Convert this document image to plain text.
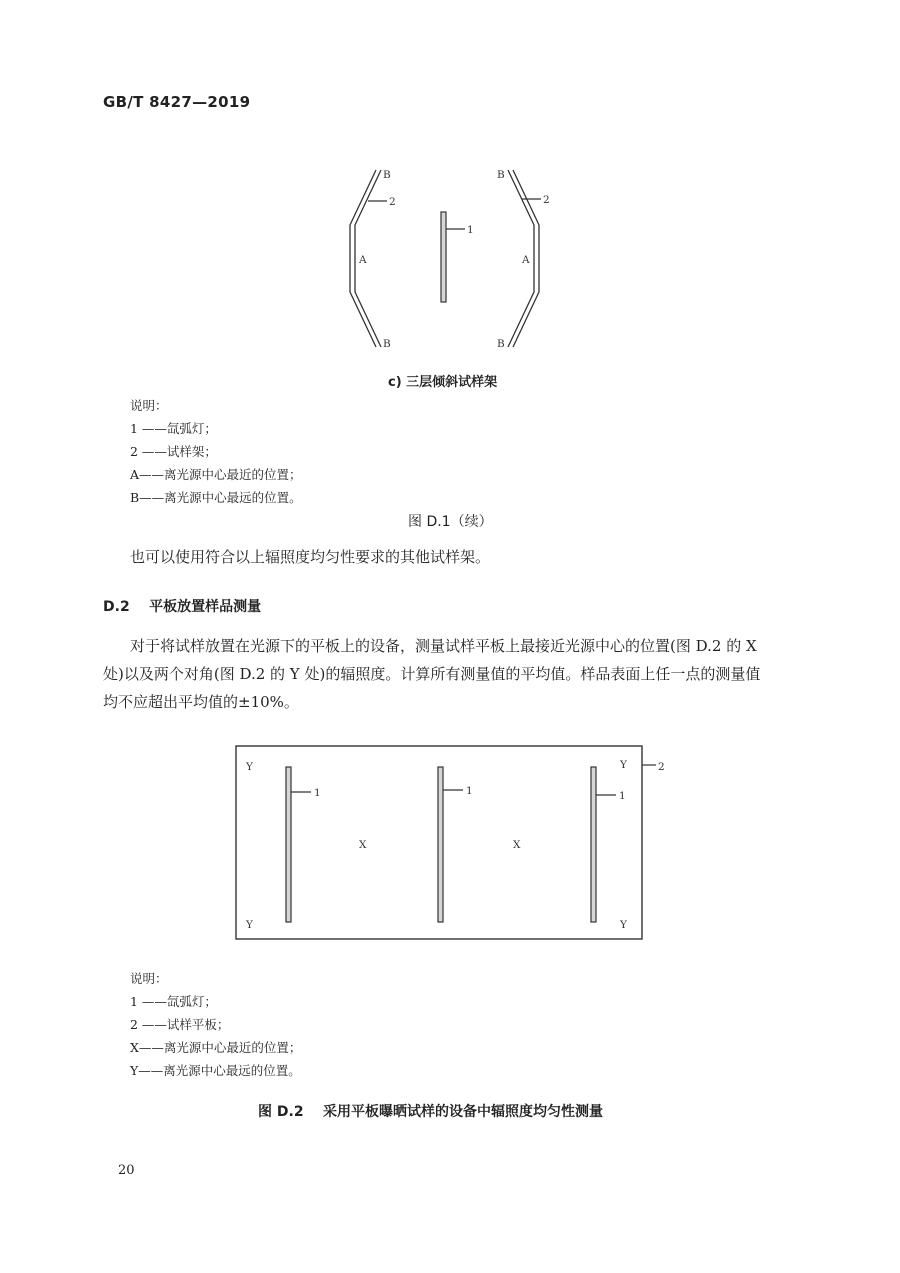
GB/T 8427—2019
B
2
A
B
1
B
2
A
B
c) 三层倾斜试样架
说明：
1 ——氙弧灯；
2 ——试样架；
A——离光源中心最近的位置；
B——离光源中心最远的位置。
图 D.1（续）
也可以使用符合以上辐照度均匀性要求的其他试样架。
D.2    平板放置样品测量
对于将试样放置在光源下的平板上的设备，测量试样平板上最接近光源中心的位置(图 D.2 的 X
处)以及两个对角(图 D.2 的 Y 处)的辐照度。计算所有测量值的平均值。样品表面上任一点的测量值
均不应超出平均值的±10%。
Y
Y
Y
Y
X	X
1	1	1
2
说明：
1 ——氙弧灯；
2 ——试样平板；
X——离光源中心最近的位置；
Y——离光源中心最远的位置。
图 D.2    采用平板曝晒试样的设备中辐照度均匀性测量
20
